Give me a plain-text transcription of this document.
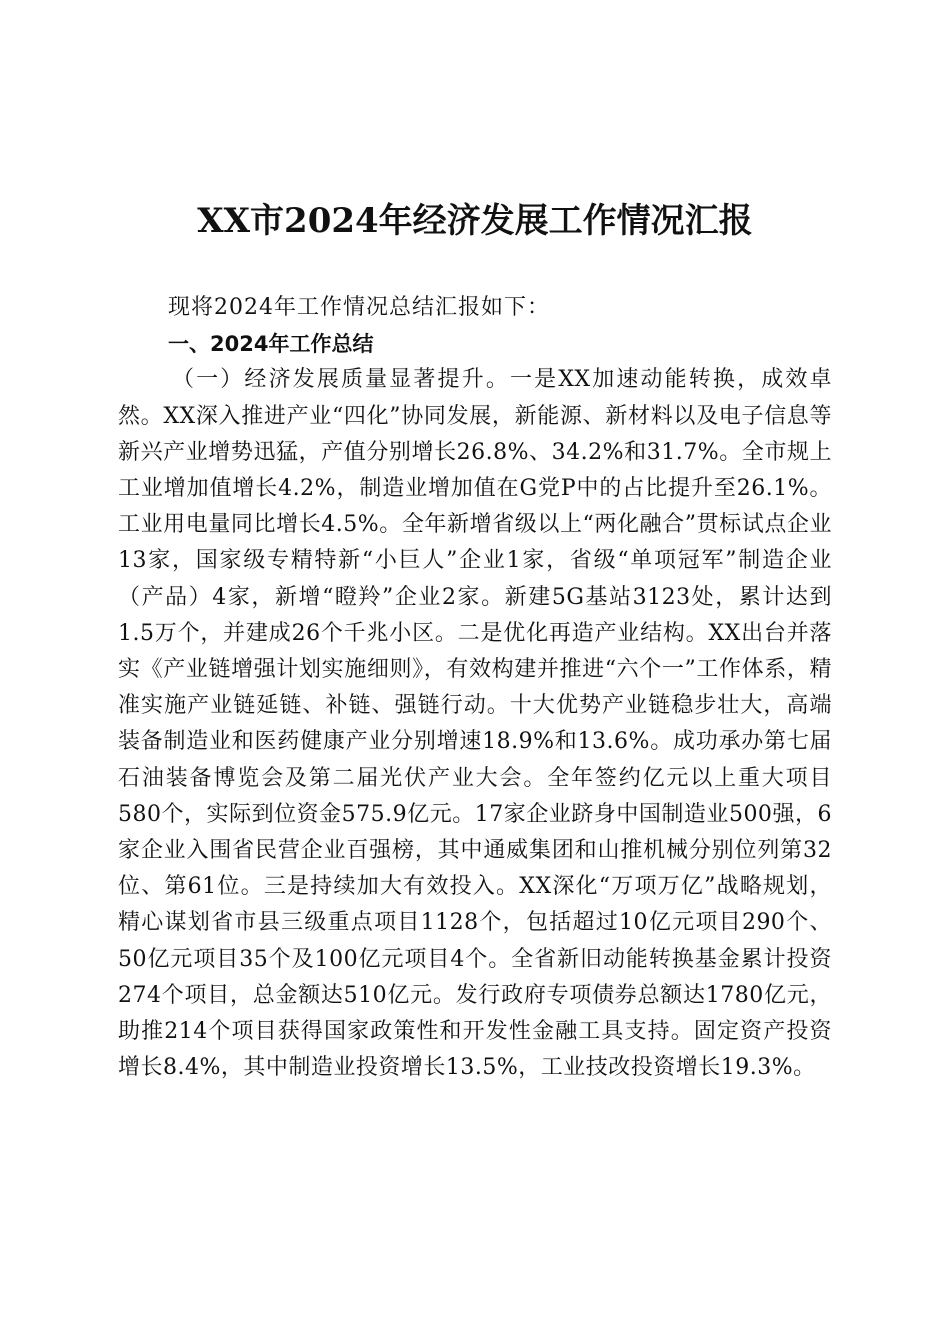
XX市2024年经济发展工作情况汇报

现将2024年工作情况总结汇报如下：

一、2024年工作总结

（一）经济发展质量显著提升。一是XX加速动能转换，成效卓然。XX深入推进产业“四化”协同发展，新能源、新材料以及电子信息等新兴产业增势迅猛，产值分别增长26.8%、34.2%和31.7%。全市规上工业增加值增长4.2%，制造业增加值在G党P中的占比提升至26.1%。工业用电量同比增长4.5%。全年新增省级以上“两化融合”贯标试点企业13家，国家级专精特新“小巨人”企业1家，省级“单项冠军”制造企业（产品）4家，新增“瞪羚”企业2家。新建5G基站3123处，累计达到1.5万个，并建成26个千兆小区。二是优化再造产业结构。XX出台并落实《产业链增强计划实施细则》，有效构建并推进“六个一”工作体系，精准实施产业链延链、补链、强链行动。十大优势产业链稳步壮大，高端装备制造业和医药健康产业分别增速18.9%和13.6%。成功承办第七届石油装备博览会及第二届光伏产业大会。全年签约亿元以上重大项目580个，实际到位资金575.9亿元。17家企业跻身中国制造业500强，6家企业入围省民营企业百强榜，其中通威集团和山推机械分别位列第32位、第61位。三是持续加大有效投入。XX深化“万项万亿”战略规划，精心谋划省市县三级重点项目1128个，包括超过10亿元项目290个、50亿元项目35个及100亿元项目4个。全省新旧动能转换基金累计投资274个项目，总金额达510亿元。发行政府专项债券总额达1780亿元，助推214个项目获得国家政策性和开发性金融工具支持。固定资产投资增长8.4%，其中制造业投资增长13.5%，工业技改投资增长19.3%。
